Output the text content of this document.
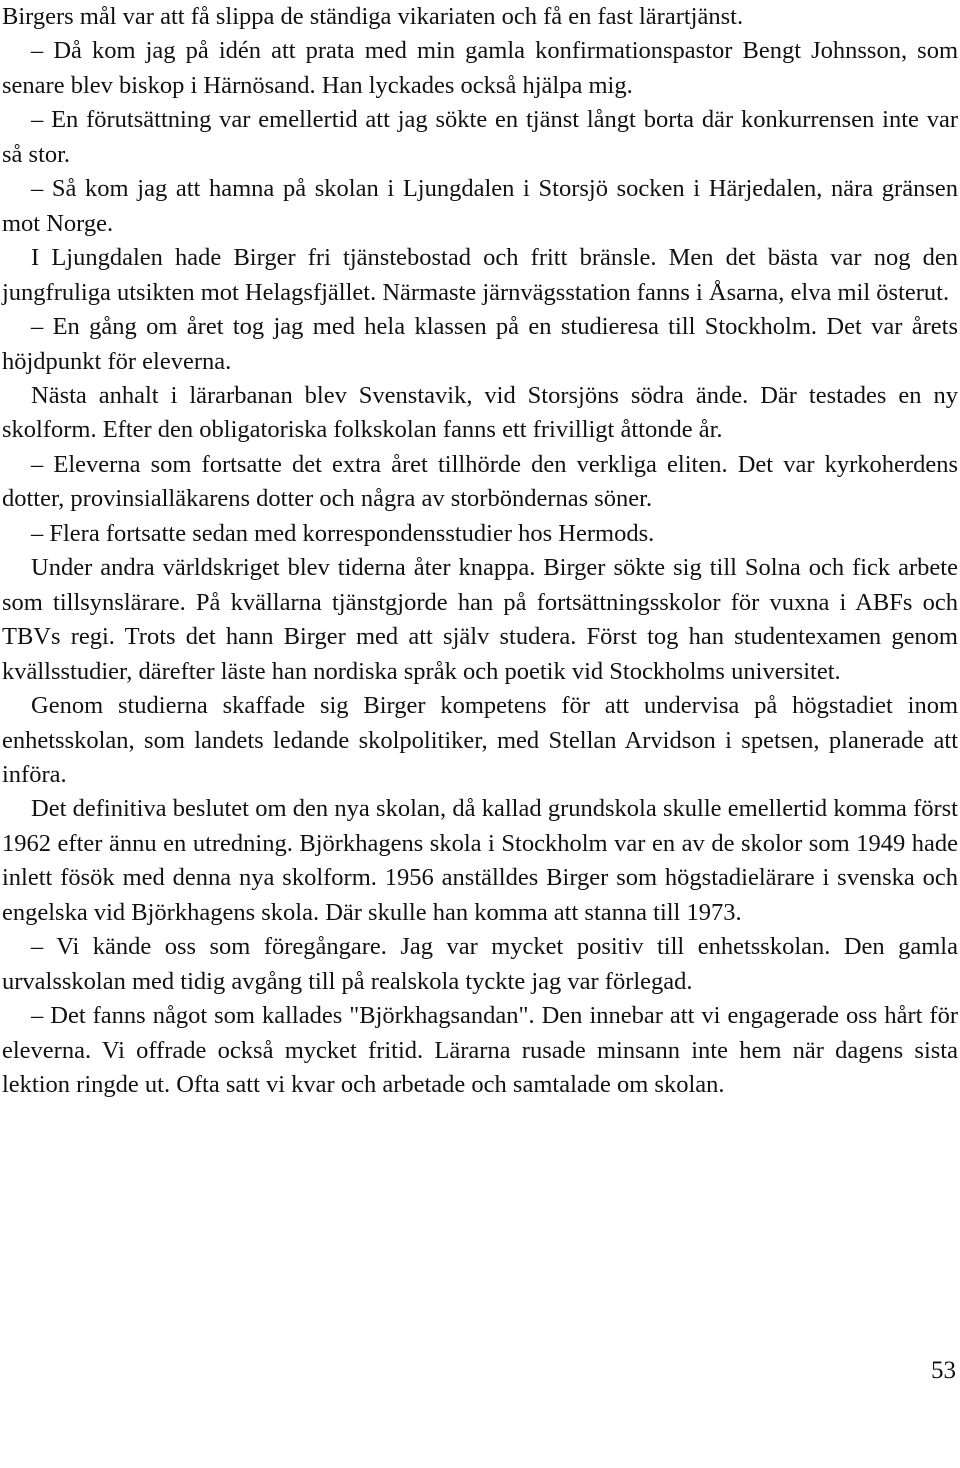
Birgers mål var att få slippa de ständiga vikariaten och få en fast lärartjänst.

– Då kom jag på idén att prata med min gamla konfirmationspastor Bengt Johnsson, som senare blev biskop i Härnösand. Han lyckades också hjälpa mig.

– En förutsättning var emellertid att jag sökte en tjänst långt borta där konkurrensen inte var så stor.

– Så kom jag att hamna på skolan i Ljungdalen i Storsjö socken i Härjedalen, nära gränsen mot Norge.

I Ljungdalen hade Birger fri tjänstebostad och fritt bränsle. Men det bästa var nog den jungfruliga utsikten mot Helagsfjället. Närmaste järnvägsstation fanns i Åsarna, elva mil österut.

– En gång om året tog jag med hela klassen på en studieresa till Stockholm. Det var årets höjdpunkt för eleverna.

Nästa anhalt i lärarbanan blev Svenstavik, vid Storsjöns södra ände. Där testades en ny skolform. Efter den obligatoriska folkskolan fanns ett frivilligt åttonde år.

– Eleverna som fortsatte det extra året tillhörde den verkliga eliten. Det var kyrkoherdens dotter, provinsialläkarens dotter och några av storböndernas söner.

– Flera fortsatte sedan med korrespondensstudier hos Hermods.

Under andra världskriget blev tiderna åter knappa. Birger sökte sig till Solna och fick arbete som tillsynslärare. På kvällarna tjänstgjorde han på fortsättningsskolor för vuxna i ABFs och TBVs regi. Trots det hann Birger med att själv studera. Först tog han studentexamen genom kvällsstudier, därefter läste han nordiska språk och poetik vid Stockholms universitet.

Genom studierna skaffade sig Birger kompetens för att undervisa på högstadiet inom enhetsskolan, som landets ledande skolpolitiker, med Stellan Arvidson i spetsen, planerade att införa.

Det definitiva beslutet om den nya skolan, då kallad grundskola skulle emellertid komma först 1962 efter ännu en utredning. Björkhagens skola i Stockholm var en av de skolor som 1949 hade inlett fösök med denna nya skolform. 1956 anställdes Birger som högstadielärare i svenska och engelska vid Björkhagens skola. Där skulle han komma att stanna till 1973.

– Vi kände oss som föregångare. Jag var mycket positiv till enhetsskolan. Den gamla urvalsskolan med tidig avgång till på realskola tyckte jag var förlegad.

– Det fanns något som kallades "Björkhagsandan". Den innebar att vi engagerade oss hårt för eleverna. Vi offrade också mycket fritid. Lärarna rusade minsann inte hem när dagens sista lektion ringde ut. Ofta satt vi kvar och arbetade och samtalade om skolan.

53
